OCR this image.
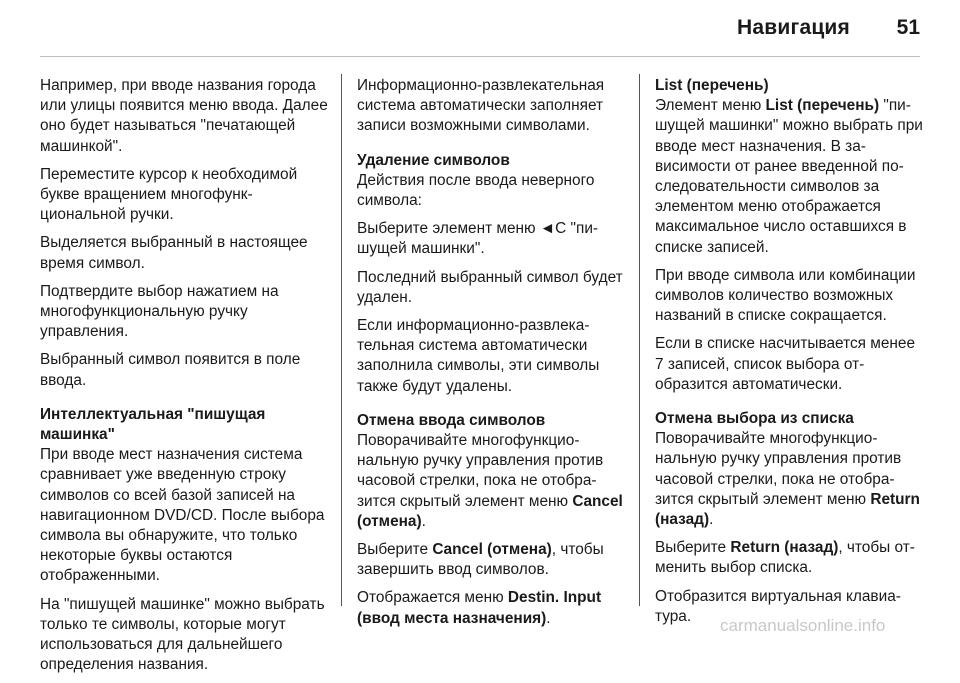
Навигация 51
Например, при вводе названия города или улицы появится меню ввода. Далее оно будет называться "печатающей машинкой".
Переместите курсор к необходимой букве вращением многофункциональной ручки.
Выделяется выбранный в настоящее время символ.
Подтвердите выбор нажатием на многофункциональную ручку управления.
Выбранный символ появится в поле ввода.
Интеллектуальная "пишущая машинка"
При вводе мест назначения система сравнивает уже введенную строку символов со всей базой записей на навигационном DVD/CD. После выбора символа вы обнаружите, что только некоторые буквы остаются отображенными.
На "пишущей машинке" можно выбрать только те символы, которые могут использоваться для дальнейшего определения названия.
Информационно-развлекательная система автоматически заполняет записи возможными символами.
Удаление символов
Действия после ввода неверного символа:
Выберите элемент меню ◄C "пишущей машинки".
Последний выбранный символ будет удален.
Если информационно-развлекательная система автоматически заполнила символы, эти символы также будут удалены.
Отмена ввода символов
Поворачивайте многофункциональную ручку управления против часовой стрелки, пока не отобразится скрытый элемент меню Cancel (отмена).
Выберите Cancel (отмена), чтобы завершить ввод символов.
Отображается меню Destin. Input (ввод места назначения).
List (перечень)
Элемент меню List (перечень) "пишущей машинки" можно выбрать при вводе мест назначения. В зависимости от ранее введенной последовательности символов за элементом меню отображается максимальное число оставшихся в списке записей.
При вводе символа или комбинации символов количество возможных названий в списке сокращается.
Если в списке насчитывается менее 7 записей, список выбора отобразится автоматически.
Отмена выбора из списка
Поворачивайте многофункциональную ручку управления против часовой стрелки, пока не отобразится скрытый элемент меню Return (назад).
Выберите Return (назад), чтобы отменить выбор списка.
Отобразится виртуальная клавиатура.	carmanualsonline.info
